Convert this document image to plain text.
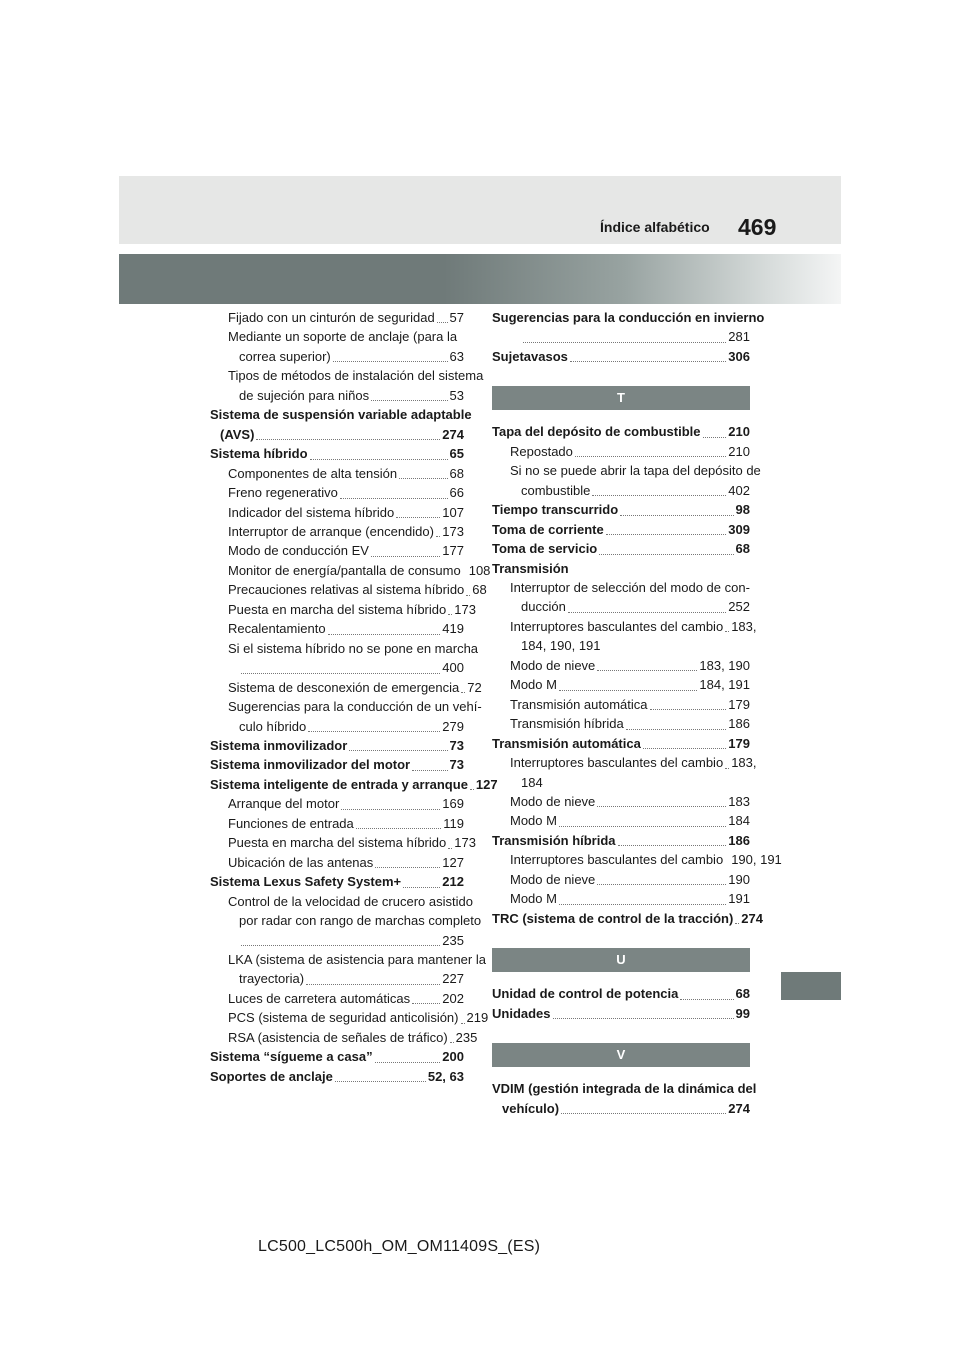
Índice alfabético 469
Fijado con un cinturón de seguridad 57
Mediante un soporte de anclaje (para la
correa superior)	63
Tipos de métodos de instalación del sistema
de sujeción para niños	53
Sistema de suspensión variable adaptable
(AVS)	274
Sistema híbrido	65
Componentes de alta tensión	68
Freno regenerativo	66
Indicador del sistema híbrido	107
Interruptor de arranque (encendido) 173
Modo de conducción EV	177
Monitor de energía/pantalla de consumo 108
Precauciones relativas al sistema híbrido 68
Puesta en marcha del sistema híbrido 173
Recalentamiento	419
Si el sistema híbrido no se pone en marcha
400
Sistema de desconexión de emergencia 72
Sugerencias para la conducción de un vehí-
culo híbrido	279
Sistema inmovilizador	73
Sistema inmovilizador del motor	73
Sistema inteligente de entrada y arranque 127
Arranque del motor	169
Funciones de entrada	119
Puesta en marcha del sistema híbrido 173
Ubicación de las antenas	127
Sistema Lexus Safety System+	212
Control de la velocidad de crucero asistido
por radar con rango de marchas completo
235
LKA (sistema de asistencia para mantener la
trayectoria)	227
Luces de carretera automáticas 202
PCS (sistema de seguridad anticolisión) 219
RSA (asistencia de señales de tráfico) 235
Sistema “sígueme a casa”	200
Soportes de anclaje	52, 63
Sugerencias para la conducción en invierno
281
Sujetavasos	306
T
Tapa del depósito de combustible 210
Repostado	210
Si no se puede abrir la tapa del depósito de
combustible	402
Tiempo transcurrido	98
Toma de corriente	309
Toma de servicio	68
Transmisión
Interruptor de selección del modo de con-
ducción	252
Interruptores basculantes del cambio 183,
184, 190, 191
Modo de nieve	183, 190
Modo M	184, 191
Transmisión automática	179
Transmisión híbrida	186
Transmisión automática	179
Interruptores basculantes del cambio 183,
184
Modo de nieve	183
Modo M	184
Transmisión híbrida	186
Interruptores basculantes del cambio 190, 191
Modo de nieve	190
Modo M	191
TRC (sistema de control de la tracción) 274
U
Unidad de control de potencia	68
Unidades	99
V
VDIM (gestión integrada de la dinámica del
vehículo)	274
LC500_LC500h_OM_OM11409S_(ES)
